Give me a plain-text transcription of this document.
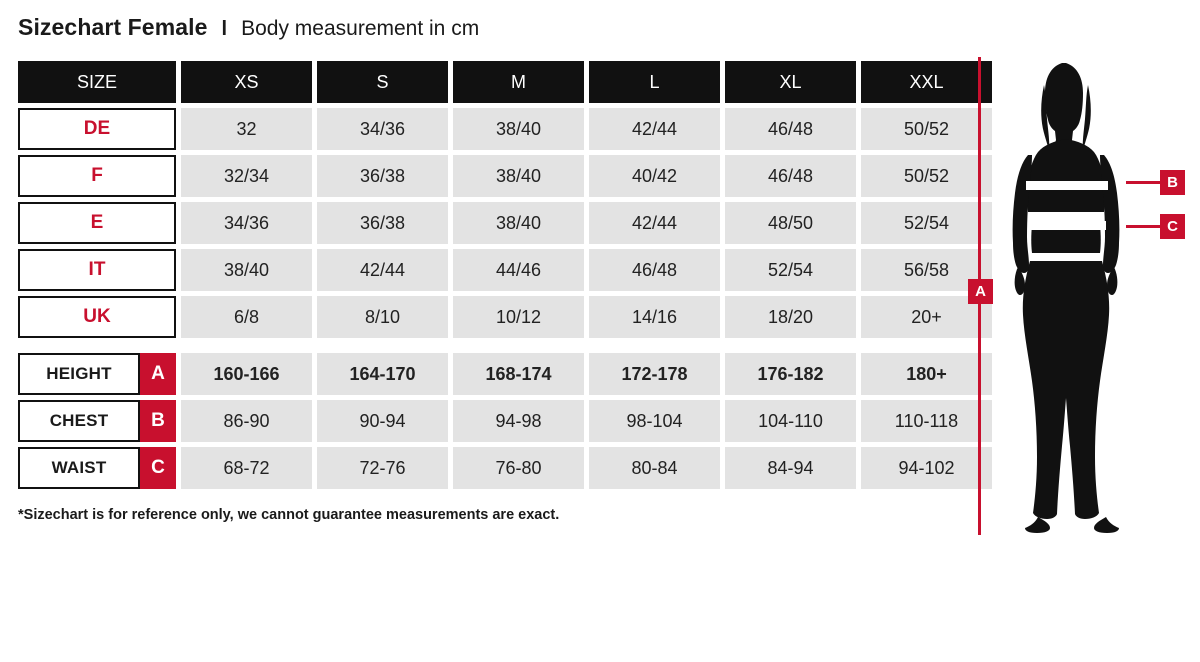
Sizechart Female l Body measurement in cm
SIZE	XS	S	M	L	XL	XXL
DE	32	34/36	38/40	42/44	46/48	50/52
F	32/34	36/38	38/40	40/42	46/48	50/52
E	34/36	36/38	38/40	42/44	48/50	52/54
IT	38/40	42/44	44/46	46/48	52/54	56/58
UK	6/8	8/10	10/12	14/16	18/20	20+
HEIGHT	A	160-166	164-170	168-174	172-178	176-182	180+
CHEST	B	86-90	90-94	94-98	98-104	104-110	110-118
WAIST	C	68-72	72-76	76-80	80-84	84-94	94-102
*Sizechart is for reference only, we cannot guarantee measurements are exact.
A
B
C
